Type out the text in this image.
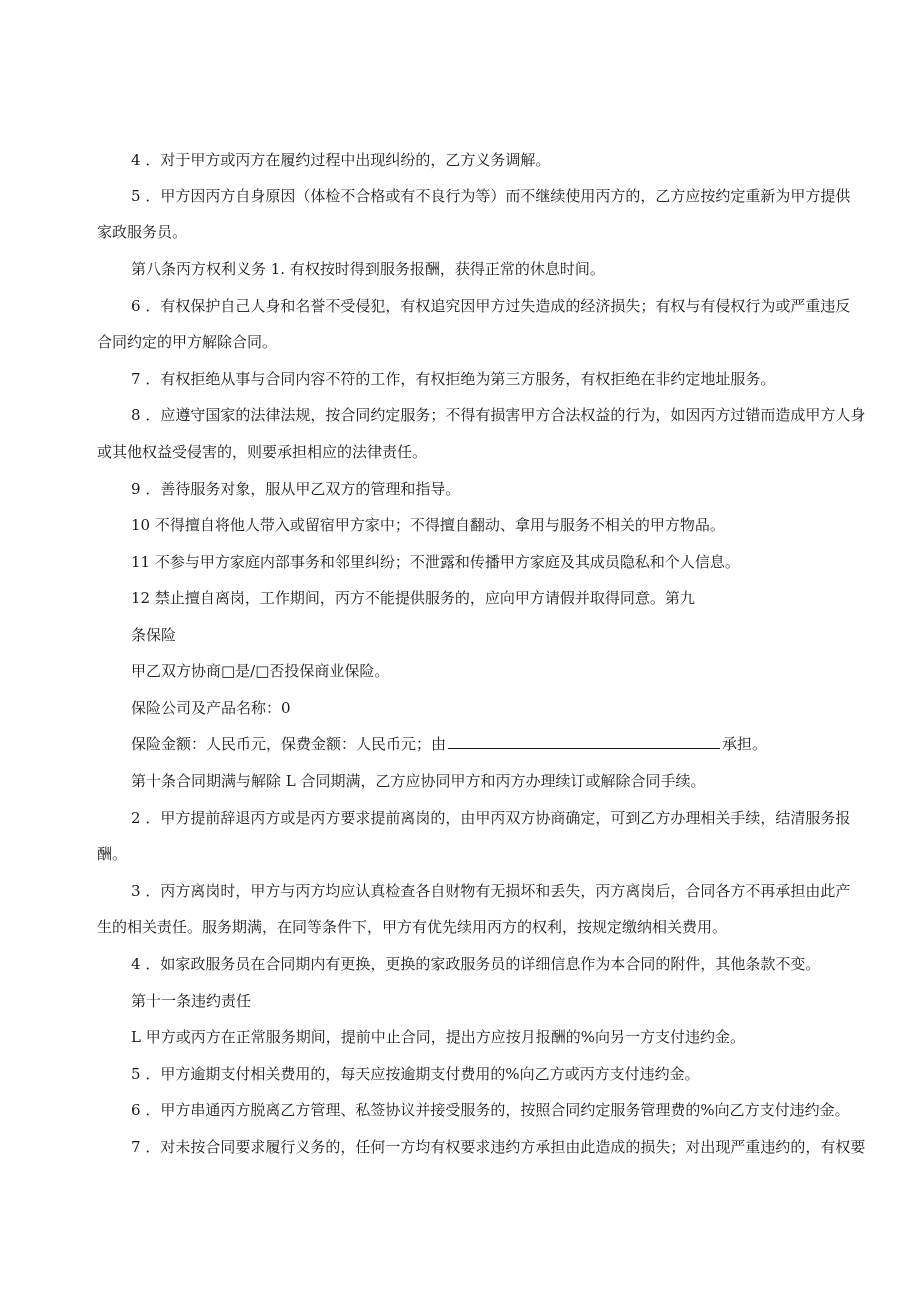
4 ．对于甲方或丙方在履约过程中出现纠纷的，乙方义务调解。
5 ．甲方因丙方自身原因（体检不合格或有不良行为等）而不继续使用丙方的，乙方应按约定重新为甲方提供
家政服务员。
第八条丙方权利义务 1. 有权按时得到服务报酬，获得正常的休息时间。
6 ．有权保护自己人身和名誉不受侵犯，有权追究因甲方过失造成的经济损失；有权与有侵权行为或严重违反
合同约定的甲方解除合同。
7 ．有权拒绝从事与合同内容不符的工作，有权拒绝为第三方服务，有权拒绝在非约定地址服务。
8 ．应遵守国家的法律法规，按合同约定服务；不得有损害甲方合法权益的行为，如因丙方过错而造成甲方人身
或其他权益受侵害的，则要承担相应的法律责任。
9 ．善待服务对象，服从甲乙双方的管理和指导。
10 不得擅自将他人带入或留宿甲方家中；不得擅自翻动、拿用与服务不相关的甲方物品。
11 不参与甲方家庭内部事务和邻里纠纷；不泄露和传播甲方家庭及其成员隐私和个人信息。
12 禁止擅自离岗，工作期间，丙方不能提供服务的，应向甲方请假并取得同意。第九
条保险
甲乙双方协商□是/□否投保商业保险。
保险公司及产品名称：0
保险金额：人民币元，保费金额：人民币元；由	承担。
第十条合同期满与解除 L 合同期满，乙方应协同甲方和丙方办理续订或解除合同手续。
2 ．甲方提前辞退丙方或是丙方要求提前离岗的，由甲丙双方协商确定，可到乙方办理相关手续，结清服务报
酬。
3 ．丙方离岗时，甲方与丙方均应认真检查各自财物有无损坏和丢失，丙方离岗后，合同各方不再承担由此产
生的相关责任。服务期满，在同等条件下，甲方有优先续用丙方的权利，按规定缴纳相关费用。
4 ．如家政服务员在合同期内有更换，更换的家政服务员的详细信息作为本合同的附件，其他条款不变。
第十一条违约责任
L 甲方或丙方在正常服务期间，提前中止合同，提出方应按月报酬的%向另一方支付违约金。
5 ．甲方逾期支付相关费用的，每天应按逾期支付费用的%向乙方或丙方支付违约金。
6 ．甲方串通丙方脱离乙方管理、私签协议并接受服务的，按照合同约定服务管理费的%向乙方支付违约金。
7 ．对未按合同要求履行义务的，任何一方均有权要求违约方承担由此造成的损失；对出现严重违约的，有权要
